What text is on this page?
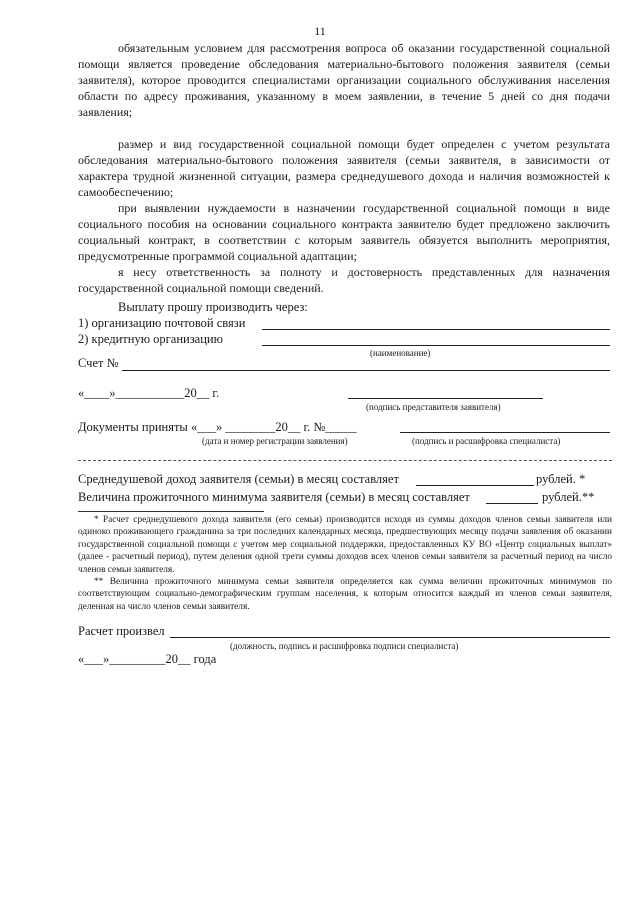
11
обязательным условием для рассмотрения вопроса об оказании государственной социальной помощи является проведение обследования материально-бытового положения заявителя (семьи заявителя), которое проводится специалистами организации социального обслуживания населения области по адресу проживания, указанному в моем заявлении, в течение 5 дней со дня подачи заявления;
размер и вид государственной социальной помощи будет определен с учетом результата обследования материально-бытового положения заявителя (семьи заявителя, в зависимости от характера трудной жизненной ситуации, размера среднедушевого дохода и наличия возможностей к самообеспечению;
при выявлении нуждаемости в назначении государственной социальной помощи в виде социального пособия на основании социального контракта заявителю будет предложено заключить социальный контракт, в соответствии с которым заявитель обязуется выполнить мероприятия, предусмотренные программой социальной адаптации;
я несу ответственность за полноту и достоверность представленных для назначения государственной социальной помощи сведений.
Выплату прошу производить через:
1) организацию почтовой связи
2) кредитную организацию
(наименование)
Счет №
«____»___________20__ г.
(подпись представителя заявителя)
Документы приняты «___» ________20__ г. №_____
(дата и номер регистрации заявления)	(подпись и расшифровка специалиста)
Среднедушевой доход заявителя (семьи) в месяц составляет	рублей. *
Величина прожиточного минимума заявителя (семьи) в месяц составляет	рублей.**
* Расчет среднедушевого дохода заявителя (его семьи) производится исходя из суммы доходов членов семьи заявителя или одиноко проживающего гражданина за три последних календарных месяца, предшествующих месяцу подачи заявления об оказании государственной социальной помощи с учетом мер социальной поддержки, предоставленных КУ ВО «Центр социальных выплат» (далее - расчетный период), путем деления одной трети суммы доходов всех членов семьи заявителя за расчетный период на число членов семьи заявителя.
** Величина прожиточного минимума семьи заявителя определяется как сумма величин прожиточных минимумов по соответствующим социально-демографическим группам населения, к которым относится каждый из членов семьи заявителя, деленная на число членов семьи заявителя.
Расчет произвел
(должность, подпись и расшифровка подписи специалиста)
«___»_________20__ года
